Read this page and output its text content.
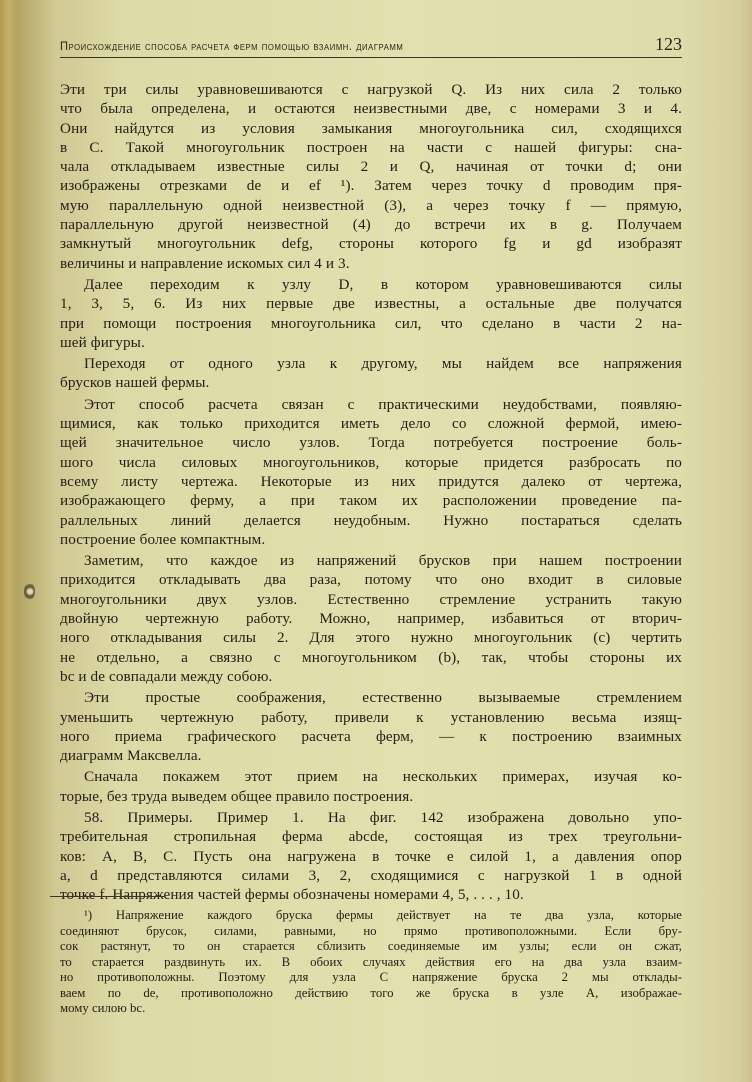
Происхождение способа расчета ферм помощью взаимн. диаграмм	123
Эти три силы уравновешиваются с нагрузкой Q. Из них сила 2 только
что была определена, и остаются неизвестными две, с номерами 3 и 4.
Они найдутся из условия замыкания многоугольника сил, сходящихся
в C. Такой многоугольник построен на части c нашей фигуры: сна-
чала откладываем известные силы 2 и Q, начиная от точки d; они
изображены отрезками de и ef ¹). Затем через точку d проводим пря-
мую параллельную одной неизвестной (3), а через точку f — прямую,
параллельную другой неизвестной (4) до встречи их в g. Получаем
замкнутый многоугольник defg, стороны которого fg и gd изобразят
величины и направление искомых сил 4 и 3.
Далее переходим к узлу D, в котором уравновешиваются силы
1, 3, 5, 6. Из них первые две известны, а остальные две получатся
при помощи построения многоугольника сил, что сделано в части 2 на-
шей фигуры.
Переходя от одного узла к другому, мы найдем все напряжения
брусков нашей фермы.
Этот способ расчета связан с практическими неудобствами, появляю-
щимися, как только приходится иметь дело со сложной фермой, имею-
щей значительное число узлов. Тогда потребуется построение боль-
шого числа силовых многоугольников, которые придется разбросать по
всему листу чертежа. Некоторые из них придутся далеко от чертежа,
изображающего ферму, а при таком их расположении проведение па-
раллельных линий делается неудобным. Нужно постараться сделать
построение более компактным.
Заметим, что каждое из напряжений брусков при нашем построении
приходится откладывать два раза, потому что оно входит в силовые
многоугольники двух узлов. Естественно стремление устранить такую
двойную чертежную работу. Можно, например, избавиться от вторич-
ного откладывания силы 2. Для этого нужно многоугольник (c) чертить
не отдельно, а связно с многоугольником (b), так, чтобы стороны их
bc и de совпадали между собою.
Эти простые соображения, естественно вызываемые стремлением
уменьшить чертежную работу, привели к установлению весьма изящ-
ного приема графического расчета ферм, — к построению взаимных
диаграмм Максвелла.
Сначала покажем этот прием на нескольких примерах, изучая ко-
торые, без труда выведем общее правило построения.
58. Примеры. Пример 1. На фиг. 142 изображена довольно упо-
требительная стропильная ферма abcde, состоящая из трех треугольни-
ков: A, B, C. Пусть она нагружена в точке e силой 1, а давления опор
a, d представляются силами 3, 2, сходящимися с нагрузкой 1 в одной
точке f. Напряжения частей фермы обозначены номерами 4, 5, . . . , 10.
¹) Напряжение каждого бруска фермы действует на те два узла, которые
соединяют брусок, силами, равными, но прямо противоположными. Если бру-
сок растянут, то он старается сблизить соединяемые им узлы; если он сжат,
то старается раздвинуть их. В обоих случаях действия его на два узла взаим-
но противоположны. Поэтому для узла C напряжение бруска 2 мы отклады-
ваем по de, противоположно действию того же бруска в узле A, изображае-
мому силою bc.
